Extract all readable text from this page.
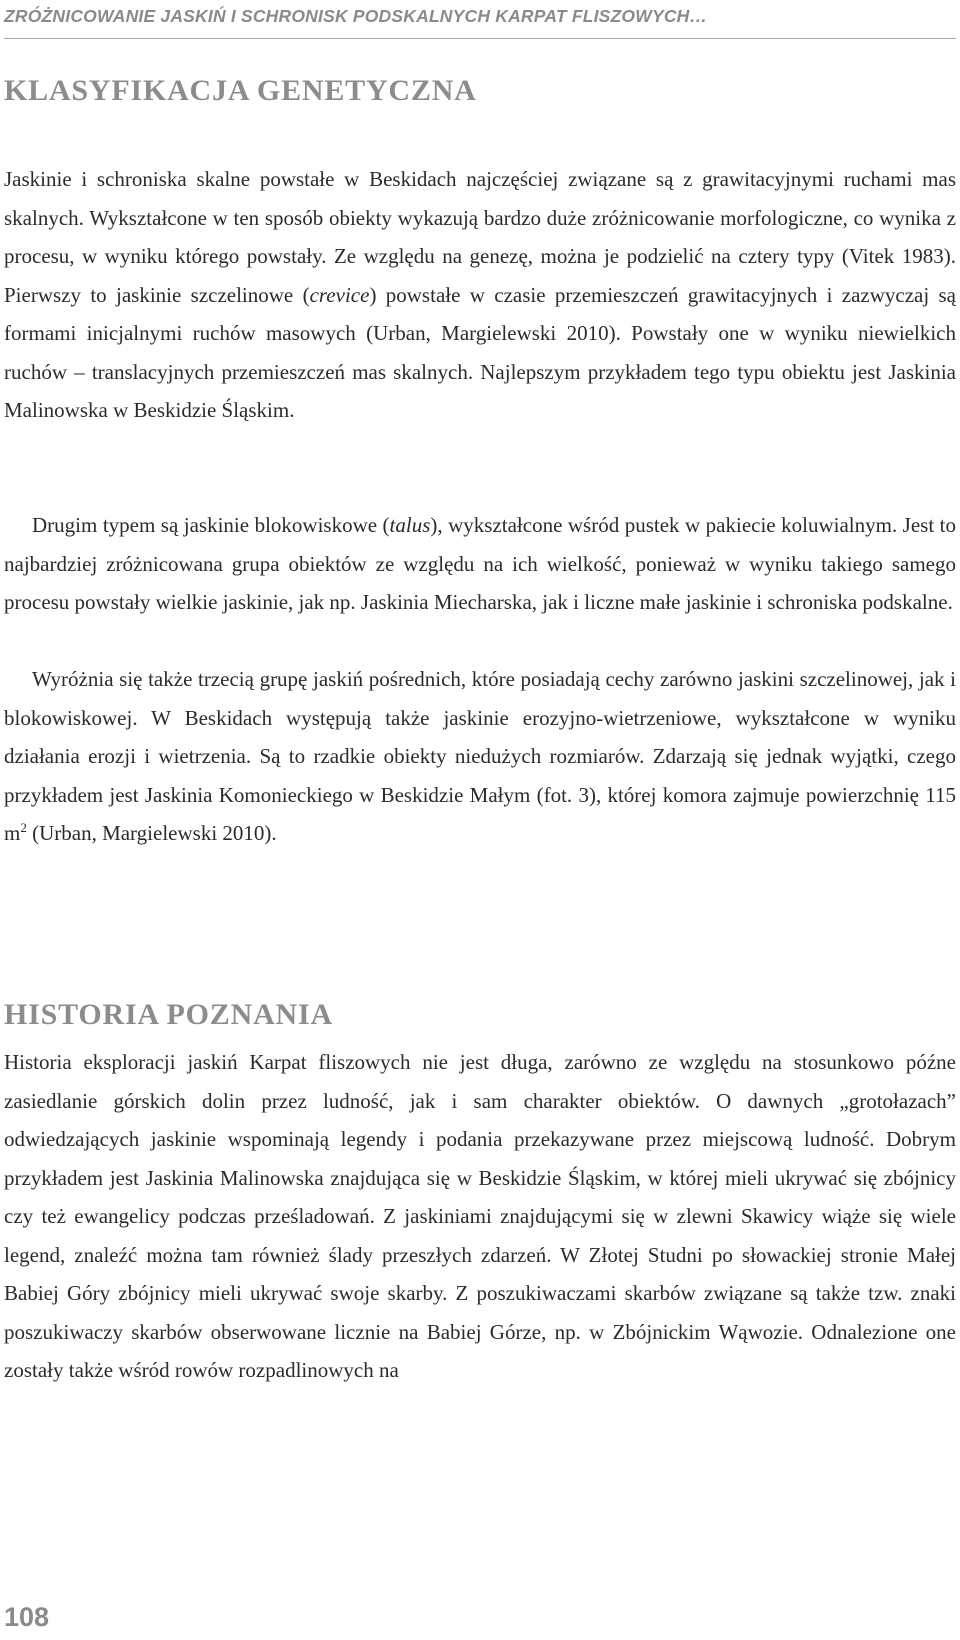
ZRÓŻNICOWANIE JASKIŃ I SCHRONISK PODSKALNYCH KARPAT FLISZOWYCH…
KLASYFIKACJA GENETYCZNA

Jaskinie i schroniska skalne powstałe w Beskidach najczęściej związane są z grawitacyjnymi ruchami mas skalnych. Wykształcone w ten sposób obiekty wykazują bardzo duże zróżnicowanie morfologiczne, co wynika z procesu, w wyniku którego powstały. Ze względu na genezę, można je podzielić na cztery typy (Vitek 1983). Pierwszy to jaskinie szczelinowe (crevice) powstałe w czasie przemieszczeń grawitacyjnych i zazwyczaj są formami inicjalnymi ruchów masowych (Urban, Margielewski 2010). Powstały one w wyniku niewielkich ruchów – translacyjnych przemieszczeń mas skalnych. Najlepszym przykładem tego typu obiektu jest Jaskinia Malinowska w Beskidzie Śląskim.

Drugim typem są jaskinie blokowiskowe (talus), wykształcone wśród pustek w pakiecie koluwialnym. Jest to najbardziej zróżnicowana grupa obiektów ze względu na ich wielkość, ponieważ w wyniku takiego samego procesu powstały wielkie jaskinie, jak np. Jaskinia Miecharska, jak i liczne małe jaskinie i schroniska podskalne.

Wyróżnia się także trzecią grupę jaskiń pośrednich, które posiadają cechy zarówno jaskini szczelinowej, jak i blokowiskowej. W Beskidach występują także jaskinie erozyjno-wietrzeniowe, wykształcone w wyniku działania erozji i wietrzenia. Są to rzadkie obiekty niedużych rozmiarów. Zdarzają się jednak wyjątki, czego przykładem jest Jaskinia Komonieckiego w Beskidzie Małym (fot. 3), której komora zajmuje powierzchnię 115 $m^2$ (Urban, Margielewski 2010).

HISTORIA POZNANIA

Historia eksploracji jaskiń Karpat fliszowych nie jest długa, zarówno ze względu na stosunkowo późne zasiedlanie górskich dolin przez ludność, jak i sam charakter obiektów. O dawnych „grotołazach” odwiedzających jaskinie wspominają legendy i podania przekazywane przez miejscową ludność. Dobrym przykładem jest Jaskinia Malinowska znajdująca się w Beskidzie Śląskim, w której mieli ukrywać się zbójnicy czy też ewangelicy podczas prześladowań. Z jaskiniami znajdującymi się w zlewni Skawicy wiąże się wiele legend, znaleźć można tam również ślady przeszłych zdarzeń. W Złotej Studni po słowackiej stronie Małej Babiej Góry zbójnicy mieli ukrywać swoje skarby. Z poszukiwaczami skarbów związane są także tzw. znaki poszukiwaczy skarbów obserwowane licznie na Babiej Górze, np. w Zbójnickim Wąwozie. Odnalezione one zostały także wśród rowów rozpadlinowych na

108
